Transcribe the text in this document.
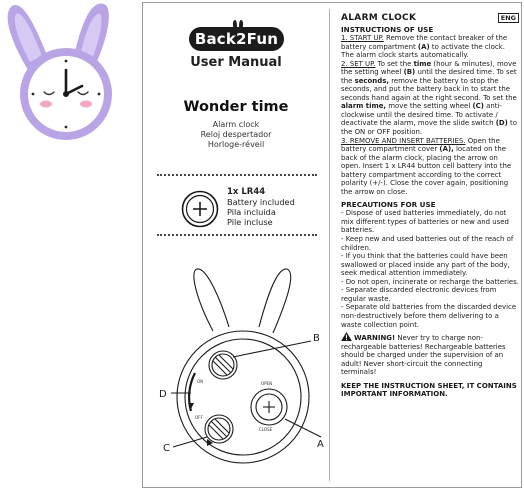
Back2Fun
User Manual
Wonder time
Alarm clock
Reloj despertador
Horloge-réveil
1x LR44
Battery included
Pila incluida
Pile incluse
OPEN
CLOSE
ON
OFF
B
A
C
D
ALARM CLOCK	ENG
INSTRUCTIONS OF USE

1. START UP. Remove the contact breaker of the battery compartment (A) to activate the clock. The alarm clock starts automatically.

2. SET UP. To set the time (hour & minutes), move the setting wheel (B) until the desired time. To set the seconds, remove the battery to stop the seconds, and put the battery back in to start the seconds hand again at the right second. To set the alarm time, move the setting wheel (C) anti-clockwise until the desired time. To activate / deactivate the alarm, move the slide switch (D) to the ON or OFF position.

3. REMOVE AND INSERT BATTERIES. Open the battery compartment cover (A), located on the back of the alarm clock, placing the arrow on open. Insert 1 x LR44 button cell battery into the battery compartment according to the correct polarity (+/-). Close the cover again, positioning the arrow on close.

PRECAUTIONS FOR USE
- Dispose of used batteries immediately, do not mix different types of batteries or new and used batteries.
- Keep new and used batteries out of the reach of children.
- If you think that the batteries could have been swallowed or placed inside any part of the body, seek medical attention immediately.
- Do not open, incinerate or recharge the batteries.
- Separate discarded electronic devices from regular waste.
- Separate old batteries from the discarded device non-destructively before them delivering to a waste collection point.

WARNING! Never try to charge non-rechargeable batteries! Rechargeable batteries should be charged under the supervision of an adult! Never short-circuit the connecting terminals!

KEEP THE INSTRUCTION SHEET, IT CONTAINS IMPORTANT INFORMATION.
